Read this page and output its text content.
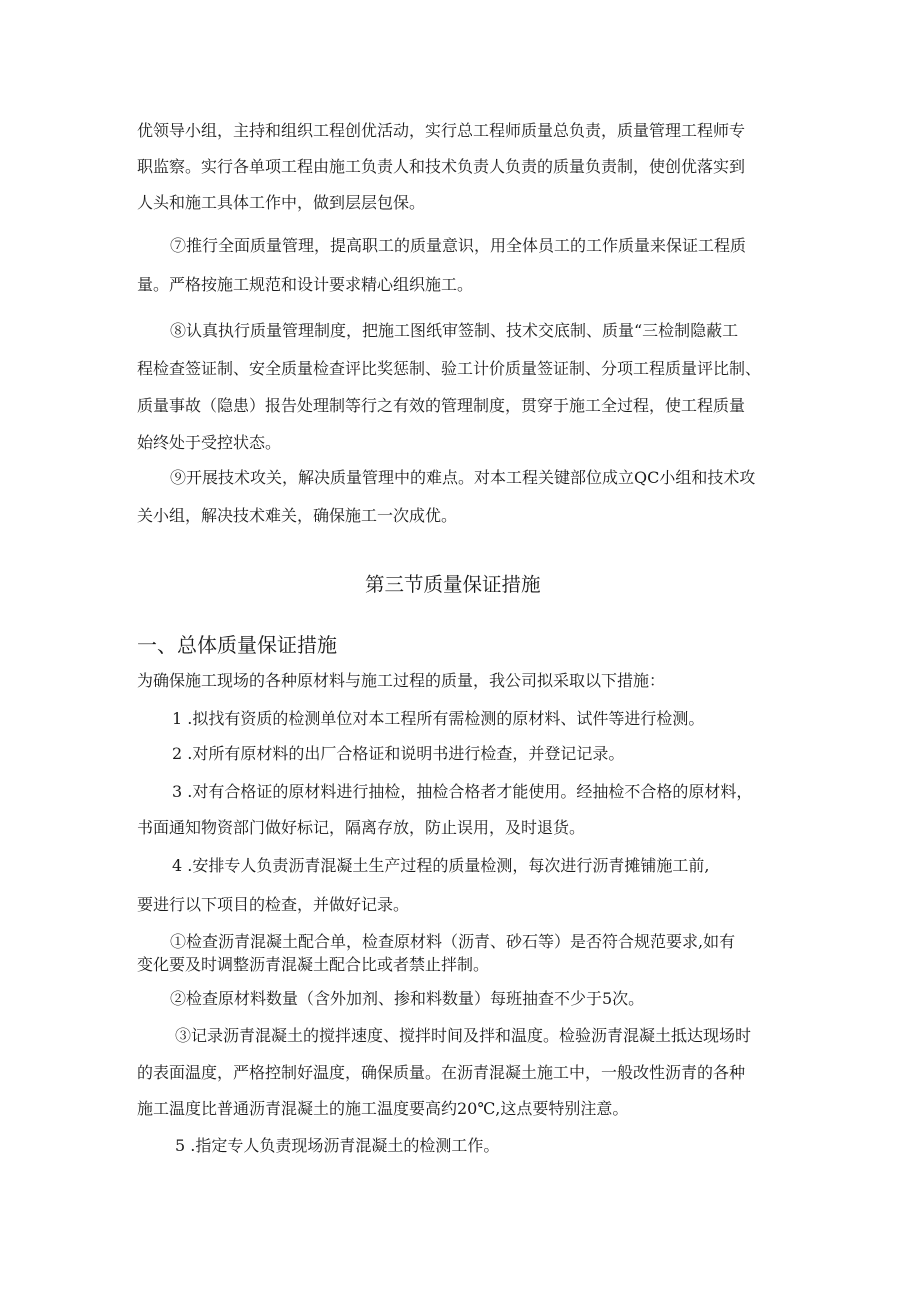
优领导小组，主持和组织工程创优活动，实行总工程师质量总负责，质量管理工程师专
职监察。实行各单项工程由施工负责人和技术负责人负责的质量负责制，使创优落实到
人头和施工具体工作中，做到层层包保。
⑦推行全面质量管理，提高职工的质量意识，用全体员工的工作质量来保证工程质
量。严格按施工规范和设计要求精心组织施工。
⑧认真执行质量管理制度，把施工图纸审签制、技术交底制、质量“三检制隐蔽工
程检查签证制、安全质量检查评比奖惩制、验工计价质量签证制、分项工程质量评比制、
质量事故（隐患）报告处理制等行之有效的管理制度，贯穿于施工全过程，使工程质量
始终处于受控状态。
⑨开展技术攻关，解决质量管理中的难点。对本工程关键部位成立QC小组和技术攻
关小组，解决技术难关，确保施工一次成优。
第三节质量保证措施
一、总体质量保证措施
为确保施工现场的各种原材料与施工过程的质量，我公司拟采取以下措施：
1 .拟找有资质的检测单位对本工程所有需检测的原材料、试件等进行检测。
2 .对所有原材料的出厂合格证和说明书进行检查，并登记记录。
3 .对有合格证的原材料进行抽检，抽检合格者才能使用。经抽检不合格的原材料，
书面通知物资部门做好标记，隔离存放，防止误用，及时退货。
4 .安排专人负责沥青混凝土生产过程的质量检测，每次进行沥青摊铺施工前,
要进行以下项目的检查，并做好记录。
①检查沥青混凝土配合单，检查原材料（沥青、砂石等）是否符合规范要求,如有
变化要及时调整沥青混凝土配合比或者禁止拌制。
②检查原材料数量（含外加剂、掺和料数量）每班抽查不少于5次。
③记录沥青混凝土的搅拌速度、搅拌时间及拌和温度。检验沥青混凝土抵达现场时
的表面温度，严格控制好温度，确保质量。在沥青混凝土施工中，一般改性沥青的各种
施工温度比普通沥青混凝土的施工温度要高约20℃,这点要特别注意。
5 .指定专人负责现场沥青混凝土的检测工作。
